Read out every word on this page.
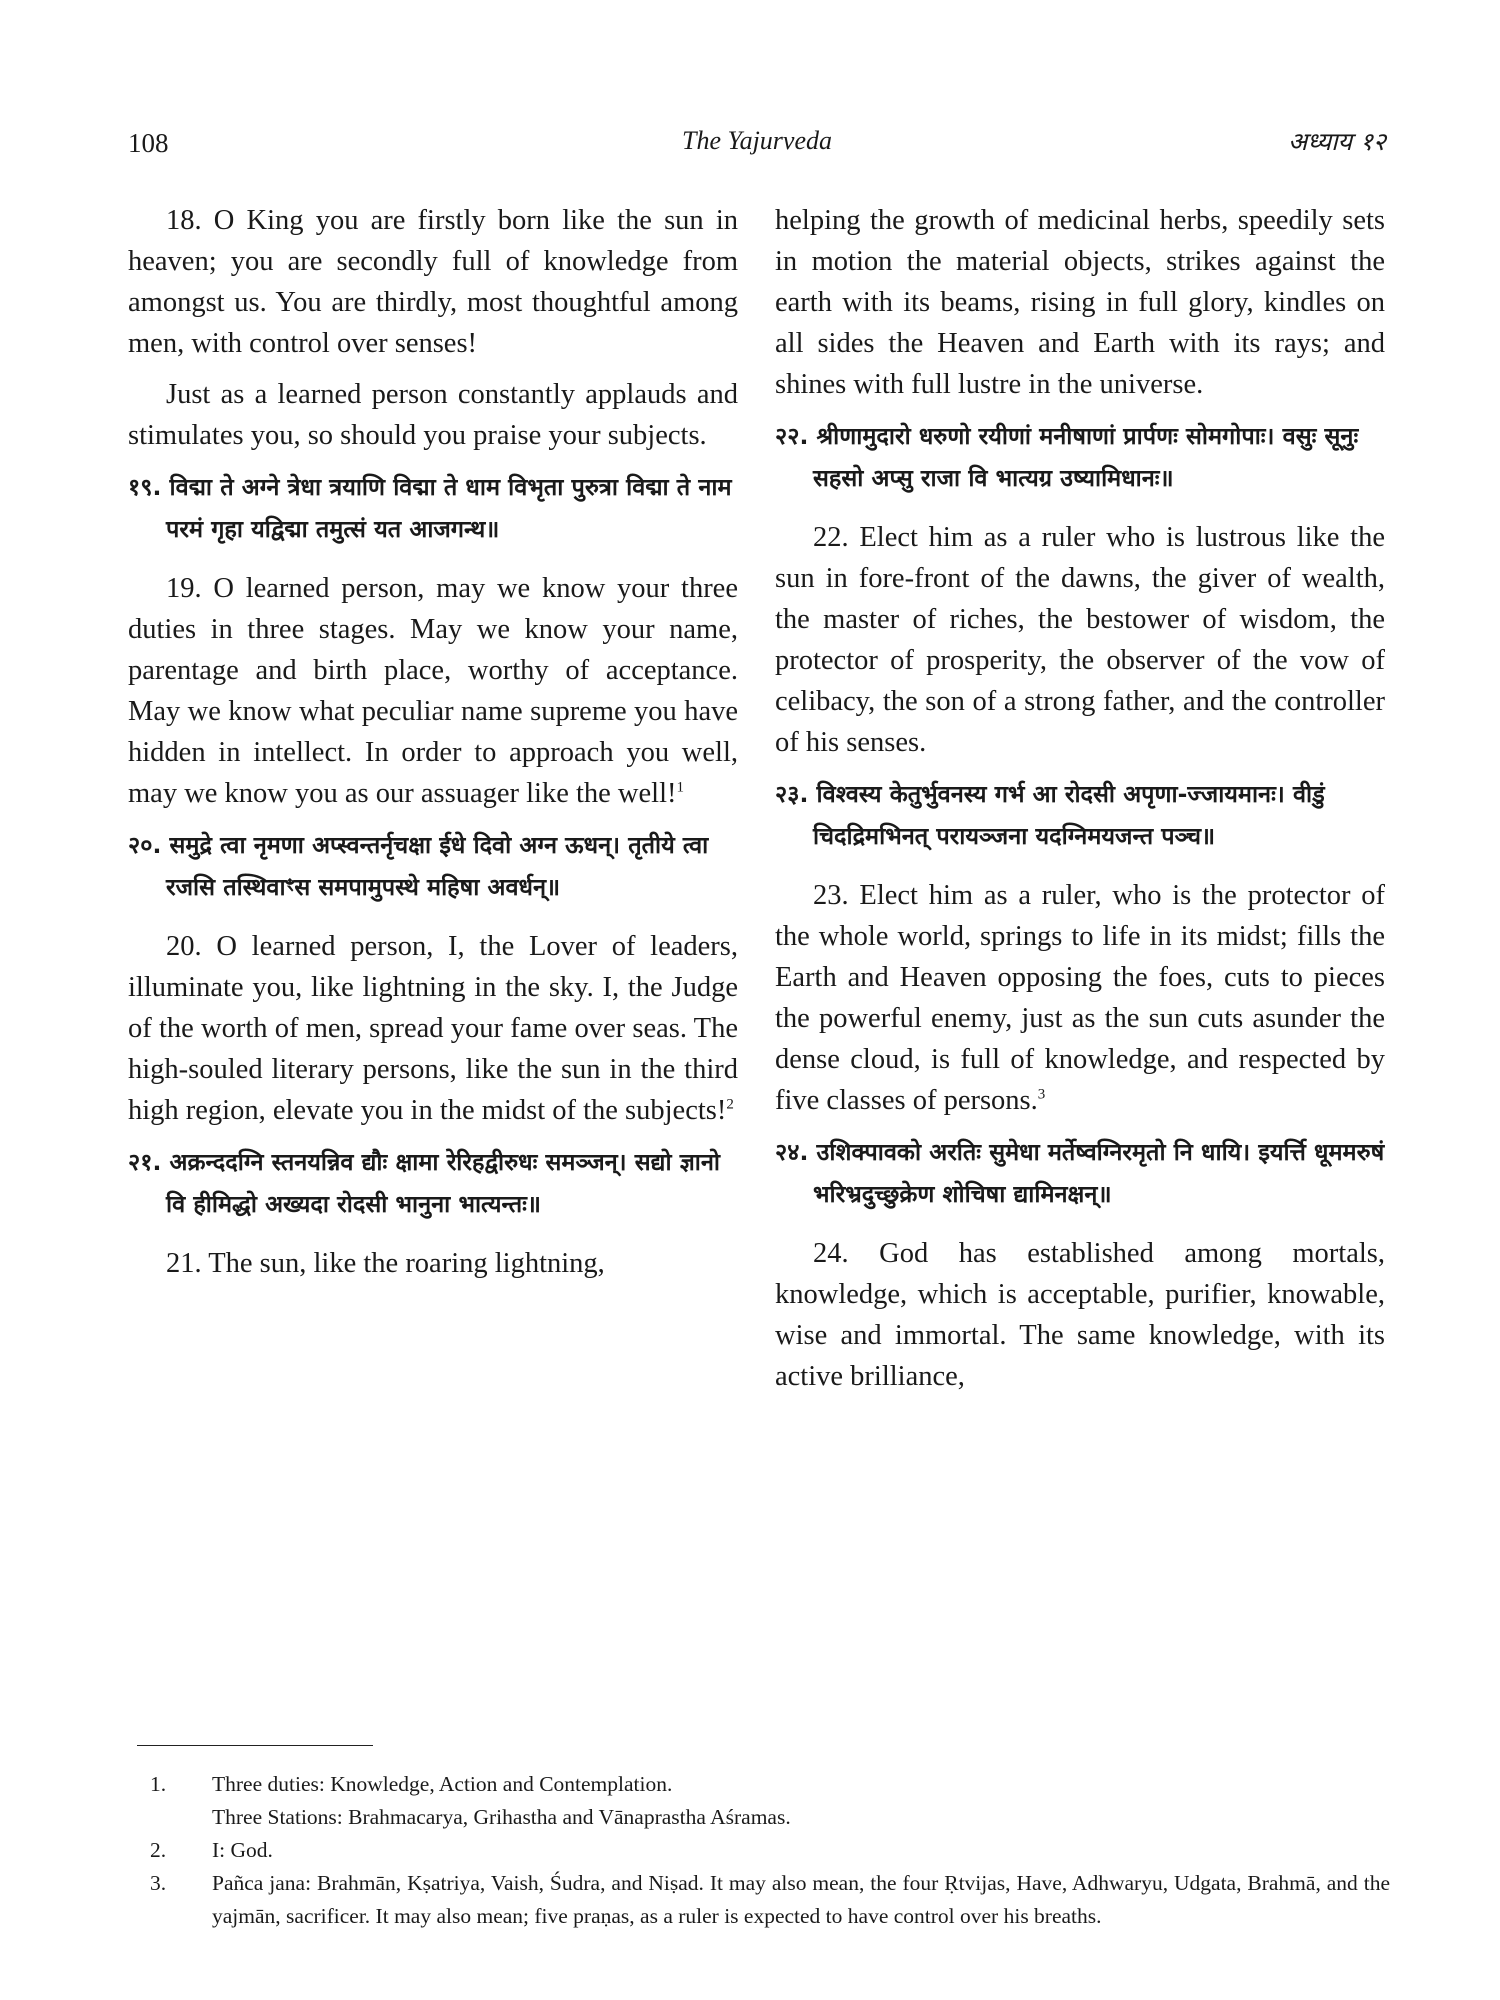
108	The Yajurveda	अध्याय १२

18. O King you are firstly born like the sun in heaven; you are secondly full of knowledge from amongst us. You are thirdly, most thoughtful among men, with control over senses!

Just as a learned person constantly applauds and stimulates you, so should you praise your subjects.

१९. विद्मा ते अग्ने त्रेधा त्रयाणि विद्मा ते धाम विभृता पुरुत्रा विद्मा ते नाम परमं गृहा यद्विद्मा तमुत्सं यत आजगन्थ॥

19. O learned person, may we know your three duties in three stages. May we know your name, parentage and birth place, worthy of acceptance. May we know what peculiar name supreme you have hidden in intellect. In order to approach you well, may we know you as our assuager like the well!$^1$

२०. समुद्रे त्वा नृमणा अप्स्वन्तर्नृचक्षा ईधे दिवो अग्न ऊधन्। तृतीये त्वा रजसि तस्थिवाꣳस समपामुपस्थे महिषा अवर्धन्॥

20. O learned person, I, the Lover of leaders, illuminate you, like lightning in the sky. I, the Judge of the worth of men, spread your fame over seas. The high-souled literary persons, like the sun in the third high region, elevate you in the midst of the subjects!$^2$

२१. अक्रन्ददग्नि स्तनयन्निव द्यौः क्षामा रेरिहद्वीरुधः समञ्जन्। सद्यो ज्ञानो वि हीमिद्धो अख्यदा रोदसी भानुना भात्यन्तः॥

21. The sun, like the roaring lightning,

helping the growth of medicinal herbs, speedily sets in motion the material objects, strikes against the earth with its beams, rising in full glory, kindles on all sides the Heaven and Earth with its rays; and shines with full lustre in the universe.

२२. श्रीणामुदारो धरुणो रयीणां मनीषाणां प्रार्पणः सोमगोपाः। वसुः सूनुः सहसो अप्सु राजा वि भात्यग्र उष्यामिधानः॥

22. Elect him as a ruler who is lustrous like the sun in fore-front of the dawns, the giver of wealth, the master of riches, the bestower of wisdom, the protector of prosperity, the observer of the vow of celibacy, the son of a strong father, and the controller of his senses.

२३. विश्वस्य केतुर्भुवनस्य गर्भ आ रोदसी अपृणा-ज्जायमानः। वीडुं चिदद्रिमभिनत् परायञ्जना यदग्निमयजन्त पञ्च॥

23. Elect him as a ruler, who is the protector of the whole world, springs to life in its midst; fills the Earth and Heaven opposing the foes, cuts to pieces the powerful enemy, just as the sun cuts asunder the dense cloud, is full of knowledge, and respected by five classes of persons.$^3$

२४. उशिक्पावको अरतिः सुमेधा मर्तेष्वग्निरमृतो नि धायि। इयर्त्ति धूममरुषं भरिभ्रदुच्छुक्रेण शोचिषा द्यामिनक्षन्॥

24. God has established among mortals, knowledge, which is acceptable, purifier, knowable, wise and immortal. The same knowledge, with its active brilliance,

1. Three duties: Knowledge, Action and Contemplation.
Three Stations: Brahmacarya, Grihastha and Vānaprastha Aśramas.
2. I: God.
3. Pañca jana: Brahmān, Kṣatriya, Vaish, Śudra, and Niṣad. It may also mean, the four Ṛtvijas, Have, Adhwaryu, Udgata, Brahmā, and the yajmān, sacrificer. It may also mean; five praṇas, as a ruler is expected to have control over his breaths.
